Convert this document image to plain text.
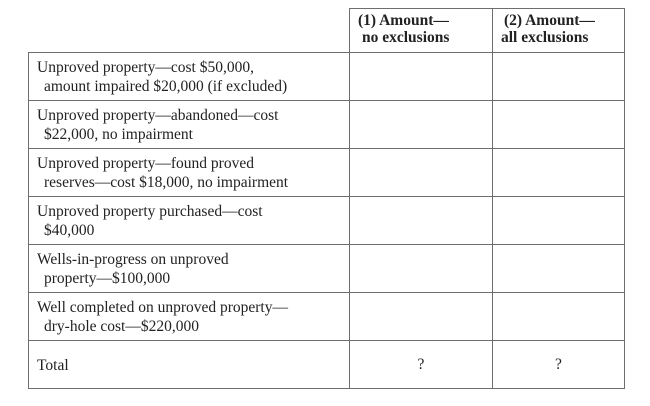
	(1) Amount—
no exclusions	(2) Amount—
all exclusions
Unproved property—cost $50,000,
amount impaired $20,000 (if excluded)		

Unproved property—abandoned—cost
$22,000, no impairment		

Unproved property—found proved
reserves—cost $18,000, no impairment		

Unproved property purchased—cost
$40,000		

Wells-in-progress on unproved
property—$100,000		

Well completed on unproved property—
dry-hole cost—$220,000		

Total	?	?
